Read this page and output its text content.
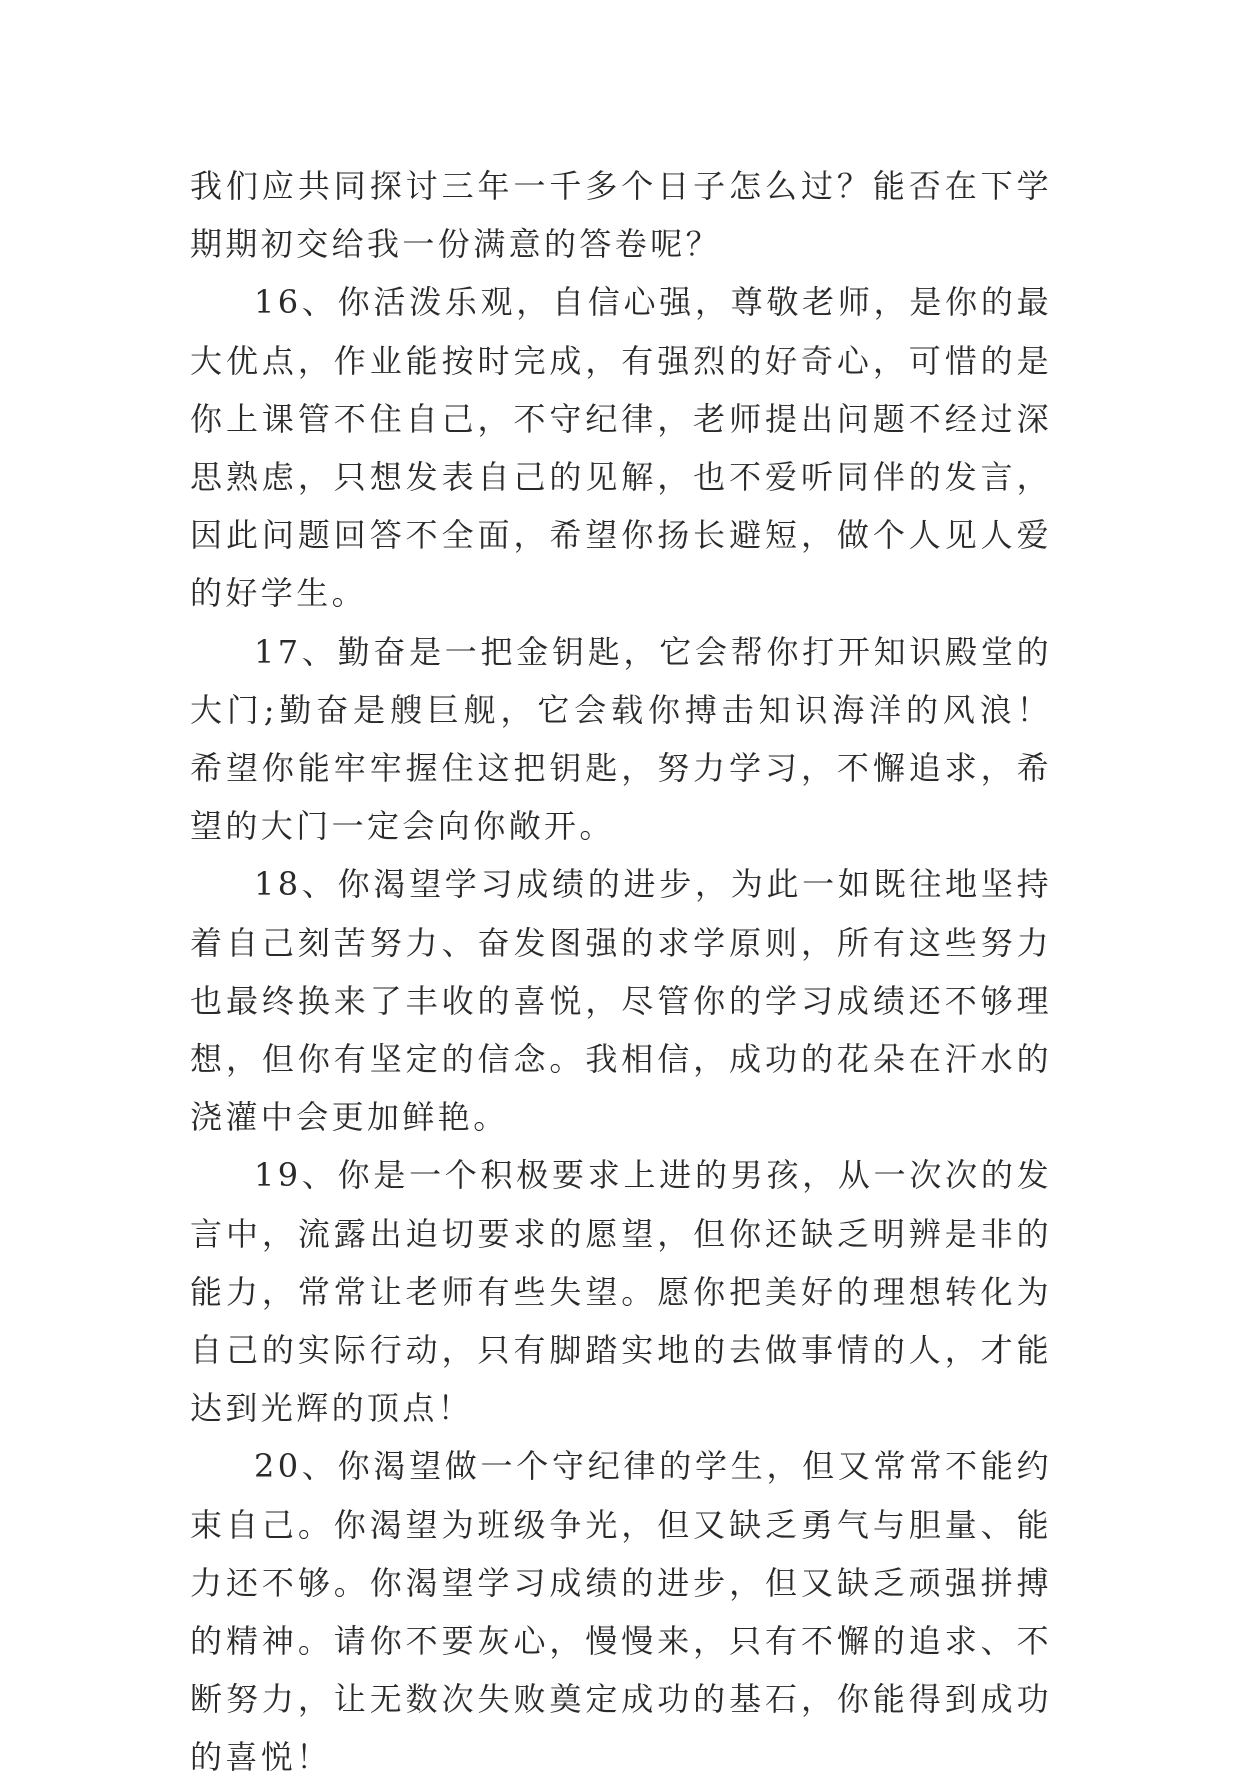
我们应共同探讨三年一千多个日子怎么过？能否在下学期期初交给我一份满意的答卷呢？

16、你活泼乐观，自信心强，尊敬老师，是你的最大优点，作业能按时完成，有强烈的好奇心，可惜的是你上课管不住自己，不守纪律，老师提出问题不经过深思熟虑，只想发表自己的见解，也不爱听同伴的发言，因此问题回答不全面，希望你扬长避短，做个人见人爱的好学生。

17、勤奋是一把金钥匙，它会帮你打开知识殿堂的大门;勤奋是艘巨舰，它会载你搏击知识海洋的风浪！希望你能牢牢握住这把钥匙，努力学习，不懈追求，希望的大门一定会向你敞开。

18、你渴望学习成绩的进步，为此一如既往地坚持着自己刻苦努力、奋发图强的求学原则，所有这些努力也最终换来了丰收的喜悦，尽管你的学习成绩还不够理想，但你有坚定的信念。我相信，成功的花朵在汗水的浇灌中会更加鲜艳。

19、你是一个积极要求上进的男孩，从一次次的发言中，流露出迫切要求的愿望，但你还缺乏明辨是非的能力，常常让老师有些失望。愿你把美好的理想转化为自己的实际行动，只有脚踏实地的去做事情的人，才能达到光辉的顶点！

20、你渴望做一个守纪律的学生，但又常常不能约束自己。你渴望为班级争光，但又缺乏勇气与胆量、能力还不够。你渴望学习成绩的进步，但又缺乏顽强拼搏的精神。请你不要灰心，慢慢来，只有不懈的追求、不断努力，让无数次失败奠定成功的基石，你能得到成功的喜悦！
